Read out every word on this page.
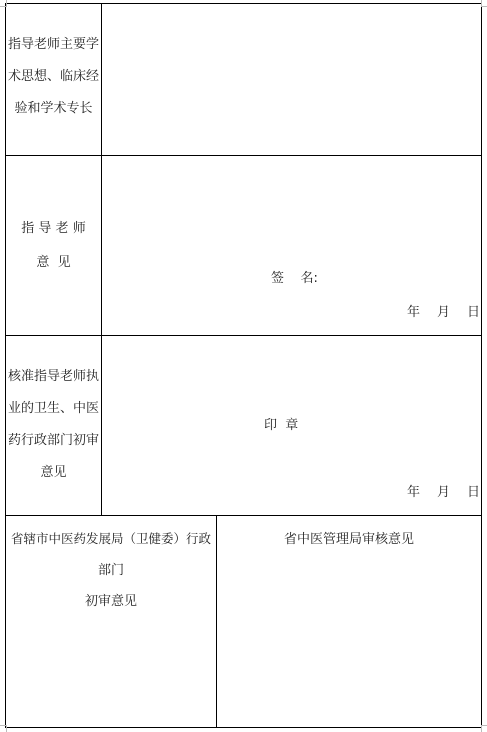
指导老师主要学
术思想、临床经
验和学术专长
指 导 老 师
意  见
签    名:
年 月 日
核准指导老师执
业的卫生、中医
药行政部门初审
意见
印  章
年 月 日
省辖市中医药发展局（卫健委）行政
部门
初审意见
省中医管理局审核意见
